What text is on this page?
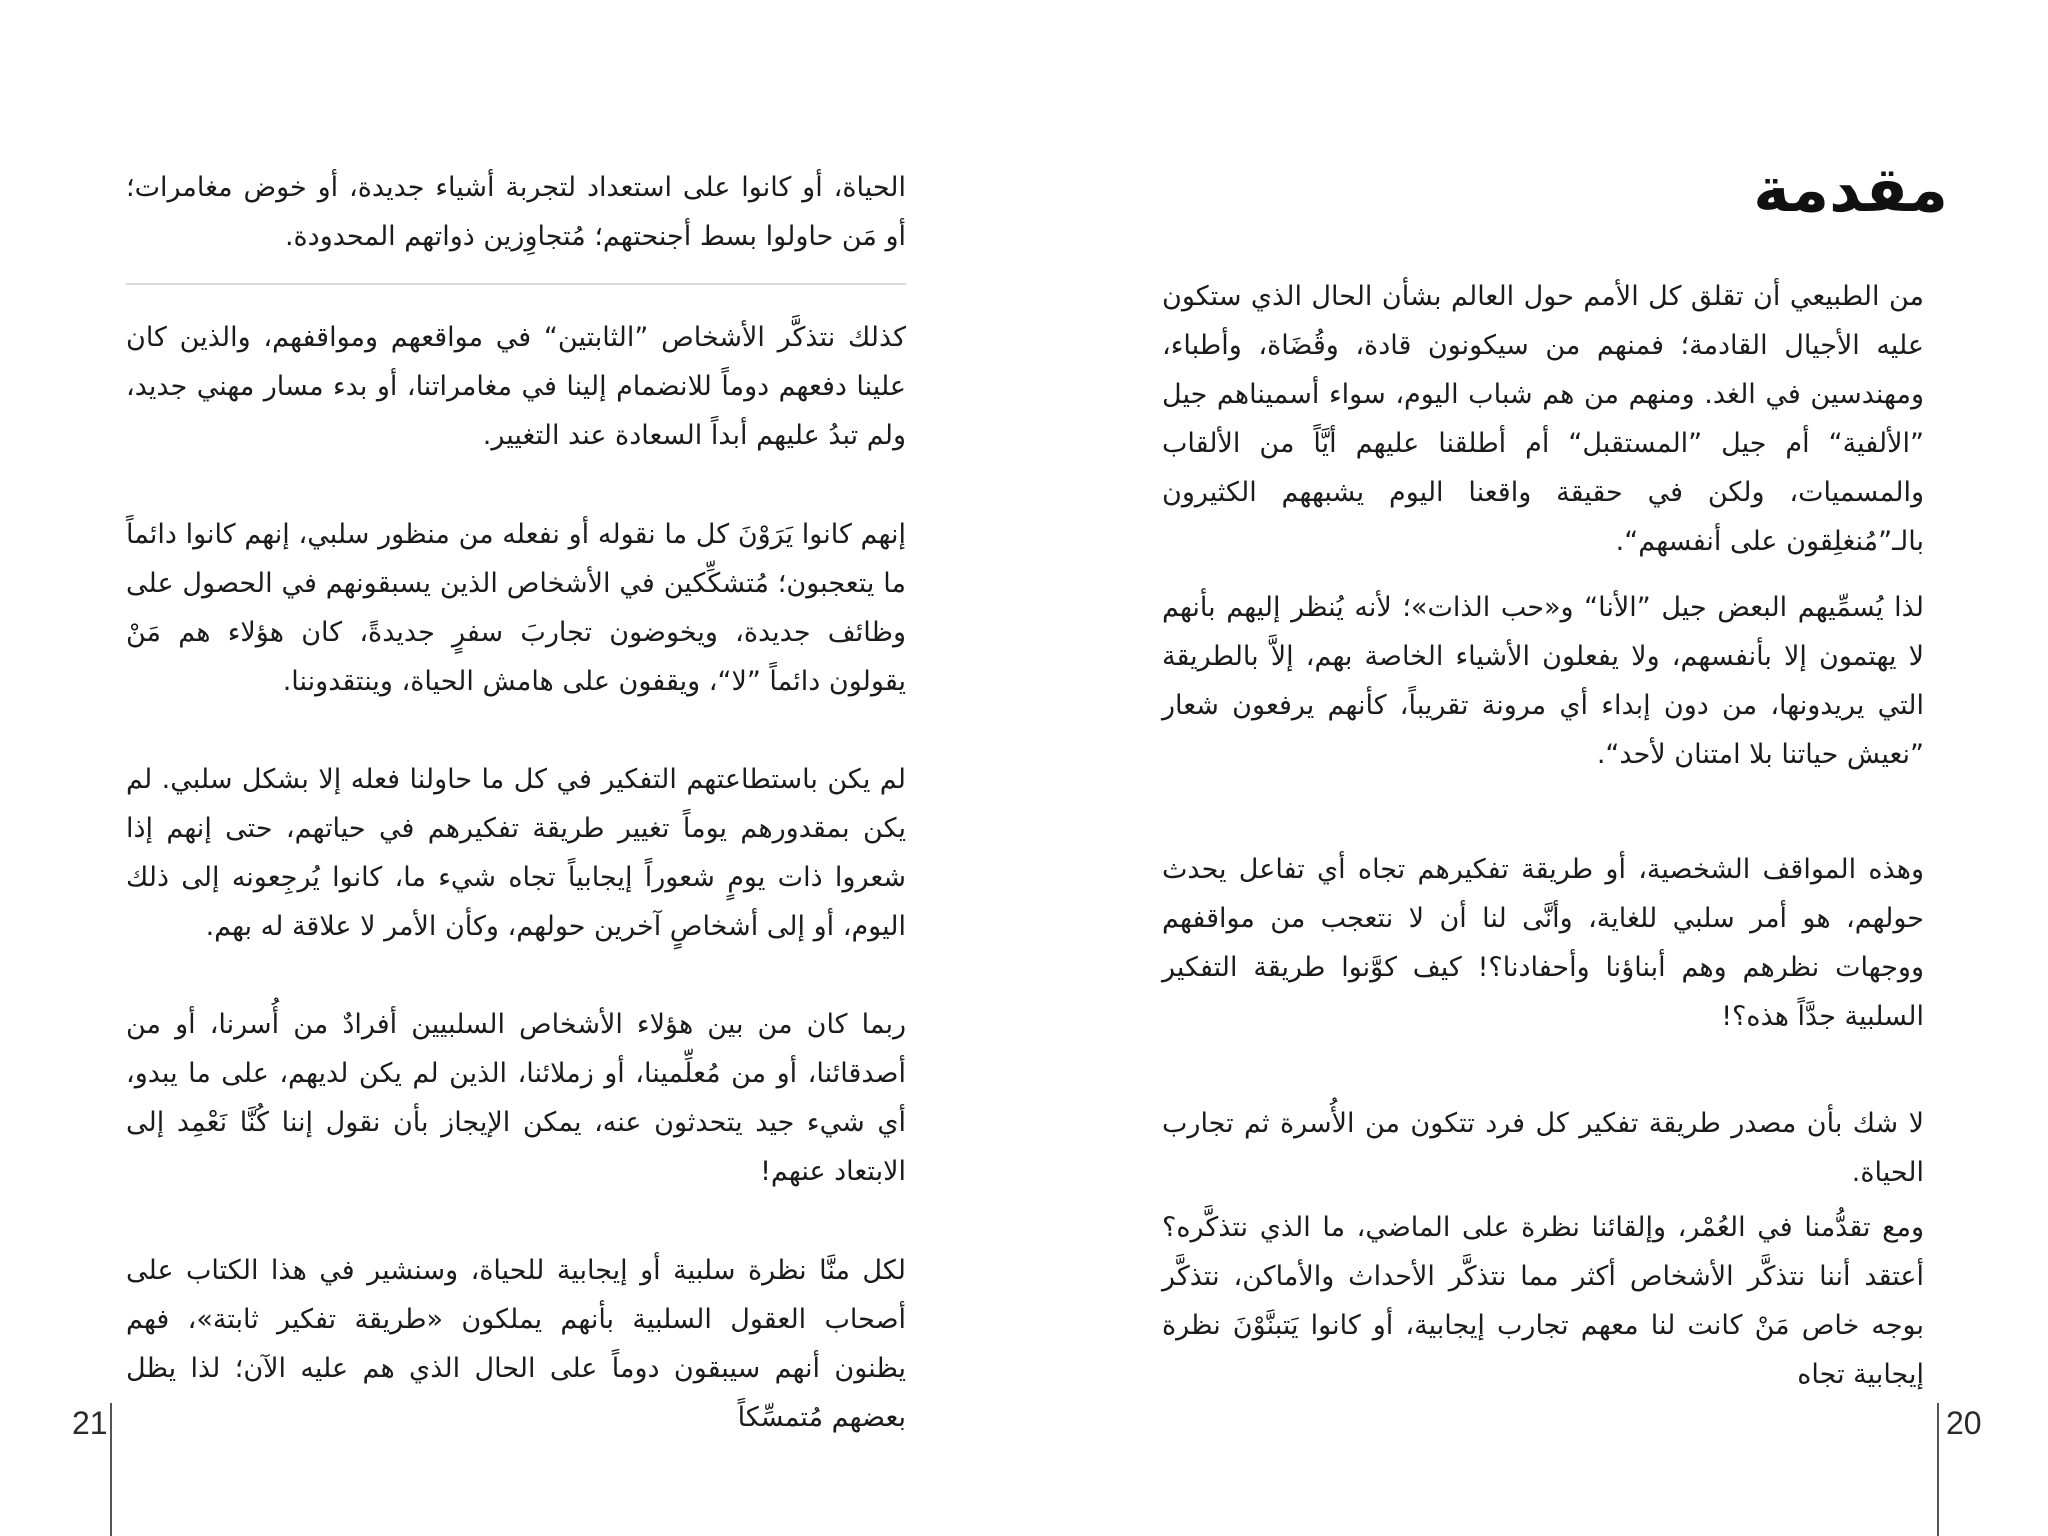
الحياة، أو كانوا على استعداد لتجربة أشياء جديدة، أو خوض مغامرات؛ أو مَن حاولوا بسط أجنحتهم؛ مُتجاوِزين ذواتهم المحدودة.

كذلك نتذكَّر الأشخاص ”الثابتين“ في مواقعهم ومواقفهم، والذين كان علينا دفعهم دوماً للانضمام إلينا في مغامراتنا، أو بدء مسار مهني جديد، ولم تبدُ عليهم أبداً السعادة عند التغيير.

إنهم كانوا يَرَوْنَ كل ما نقوله أو نفعله من منظور سلبي، إنهم كانوا دائماً ما يتعجبون؛ مُتشكِّكين في الأشخاص الذين يسبقونهم في الحصول على وظائف جديدة، ويخوضون تجاربَ سفرٍ جديدةً، كان هؤلاء هم مَنْ يقولون دائماً ”لا“، ويقفون على هامش الحياة، وينتقدوننا.

لم يكن باستطاعتهم التفكير في كل ما حاولنا فعله إلا بشكل سلبي. لم يكن بمقدورهم يوماً تغيير طريقة تفكيرهم في حياتهم، حتى إنهم إذا شعروا ذات يومٍ شعوراً إيجابياً تجاه شيء ما، كانوا يُرجِعونه إلى ذلك اليوم، أو إلى أشخاصٍ آخرين حولهم، وكأن الأمر لا علاقة له بهم.

ربما كان من بين هؤلاء الأشخاص السلبيين أفرادٌ من أُسرنا، أو من أصدقائنا، أو من مُعلِّمينا، أو زملائنا، الذين لم يكن لديهم، على ما يبدو، أي شيء جيد يتحدثون عنه، يمكن الإيجاز بأن نقول إننا كُنَّا نَعْمِد إلى الابتعاد عنهم!

لكل منَّا نظرة سلبية أو إيجابية للحياة، وسنشير في هذا الكتاب على أصحاب العقول السلبية بأنهم يملكون «طريقة تفكير ثابتة»، فهم يظنون أنهم سيبقون دوماً على الحال الذي هم عليه الآن؛ لذا يظل بعضهم مُتمسِّكاً

21
مقدمة

من الطبيعي أن تقلق كل الأمم حول العالم بشأن الحال الذي ستكون عليه الأجيال القادمة؛ فمنهم من سيكونون قادة، وقُضَاة، وأطباء، ومهندسين في الغد. ومنهم من هم شباب اليوم، سواء أسميناهم جيل ”الألفية“ أم جيل ”المستقبل“ أم أطلقنا عليهم أيَّاً من الألقاب والمسميات، ولكن في حقيقة واقعنا اليوم يشبههم الكثيرون بالـ”مُنغلِقون على أنفسهم“.

لذا يُسمِّيهم البعض جيل ”الأنا“ و«حب الذات»؛ لأنه يُنظر إليهم بأنهم لا يهتمون إلا بأنفسهم، ولا يفعلون الأشياء الخاصة بهم، إلاَّ بالطريقة التي يريدونها، من دون إبداء أي مرونة تقريباً، كأنهم يرفعون شعار ”نعيش حياتنا بلا امتنان لأحد“.

وهذه المواقف الشخصية، أو طريقة تفكيرهم تجاه أي تفاعل يحدث حولهم، هو أمر سلبي للغاية، وأنَّى لنا أن لا نتعجب من مواقفهم ووجهات نظرهم وهم أبناؤنا وأحفادنا؟! كيف كوَّنوا طريقة التفكير السلبية جدَّاً هذه؟!

لا شك بأن مصدر طريقة تفكير كل فرد تتكون من الأُسرة ثم تجارب الحياة.

ومع تقدُّمنا في العُمْر، وإلقائنا نظرة على الماضي، ما الذي نتذكَّره؟ أعتقد أننا نتذكَّر الأشخاص أكثر مما نتذكَّر الأحداث والأماكن، نتذكَّر بوجه خاص مَنْ كانت لنا معهم تجارب إيجابية، أو كانوا يَتبنَّوْنَ نظرة إيجابية تجاه

20
